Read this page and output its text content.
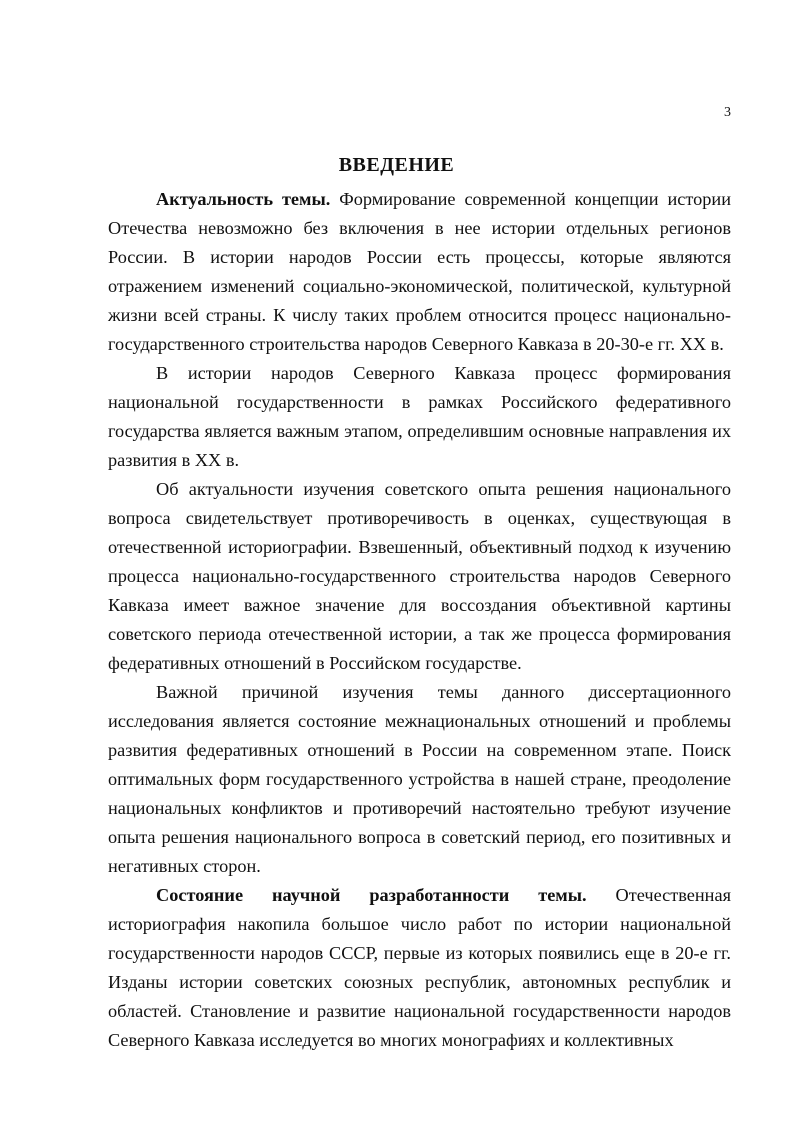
3
ВВЕДЕНИЕ

Актуальность темы. Формирование современной концепции истории Отечества невозможно без включения в нее истории отдельных регионов России. В истории народов России есть процессы, которые являются отражением изменений социально-экономической, политической, культурной жизни всей страны. К числу таких проблем относится процесс национально-государственного строительства народов Северного Кавказа в 20-30-е гг. XX в.

В истории народов Северного Кавказа процесс формирования национальной государственности в рамках Российского федеративного государства является важным этапом, определившим основные направления их развития в XX в.

Об актуальности изучения советского опыта решения национального вопроса свидетельствует противоречивость в оценках, существующая в отечественной историографии. Взвешенный, объективный подход к изучению процесса национально-государственного строительства народов Северного Кавказа имеет важное значение для воссоздания объективной картины советского периода отечественной истории, а так же процесса формирования федеративных отношений в Российском государстве.

Важной причиной изучения темы данного диссертационного исследования является состояние межнациональных отношений и проблемы развития федеративных отношений в России на современном этапе. Поиск оптимальных форм государственного устройства в нашей стране, преодоление национальных конфликтов и противоречий настоятельно требуют изучение опыта решения национального вопроса в советский период, его позитивных и негативных сторон.

Состояние научной разработанности темы. Отечественная историография накопила большое число работ по истории национальной государственности народов СССР, первые из которых появились еще в 20-е гг. Изданы истории советских союзных республик, автономных республик и областей. Становление и развитие национальной государственности народов Северного Кавказа исследуется во многих монографиях и коллективных
